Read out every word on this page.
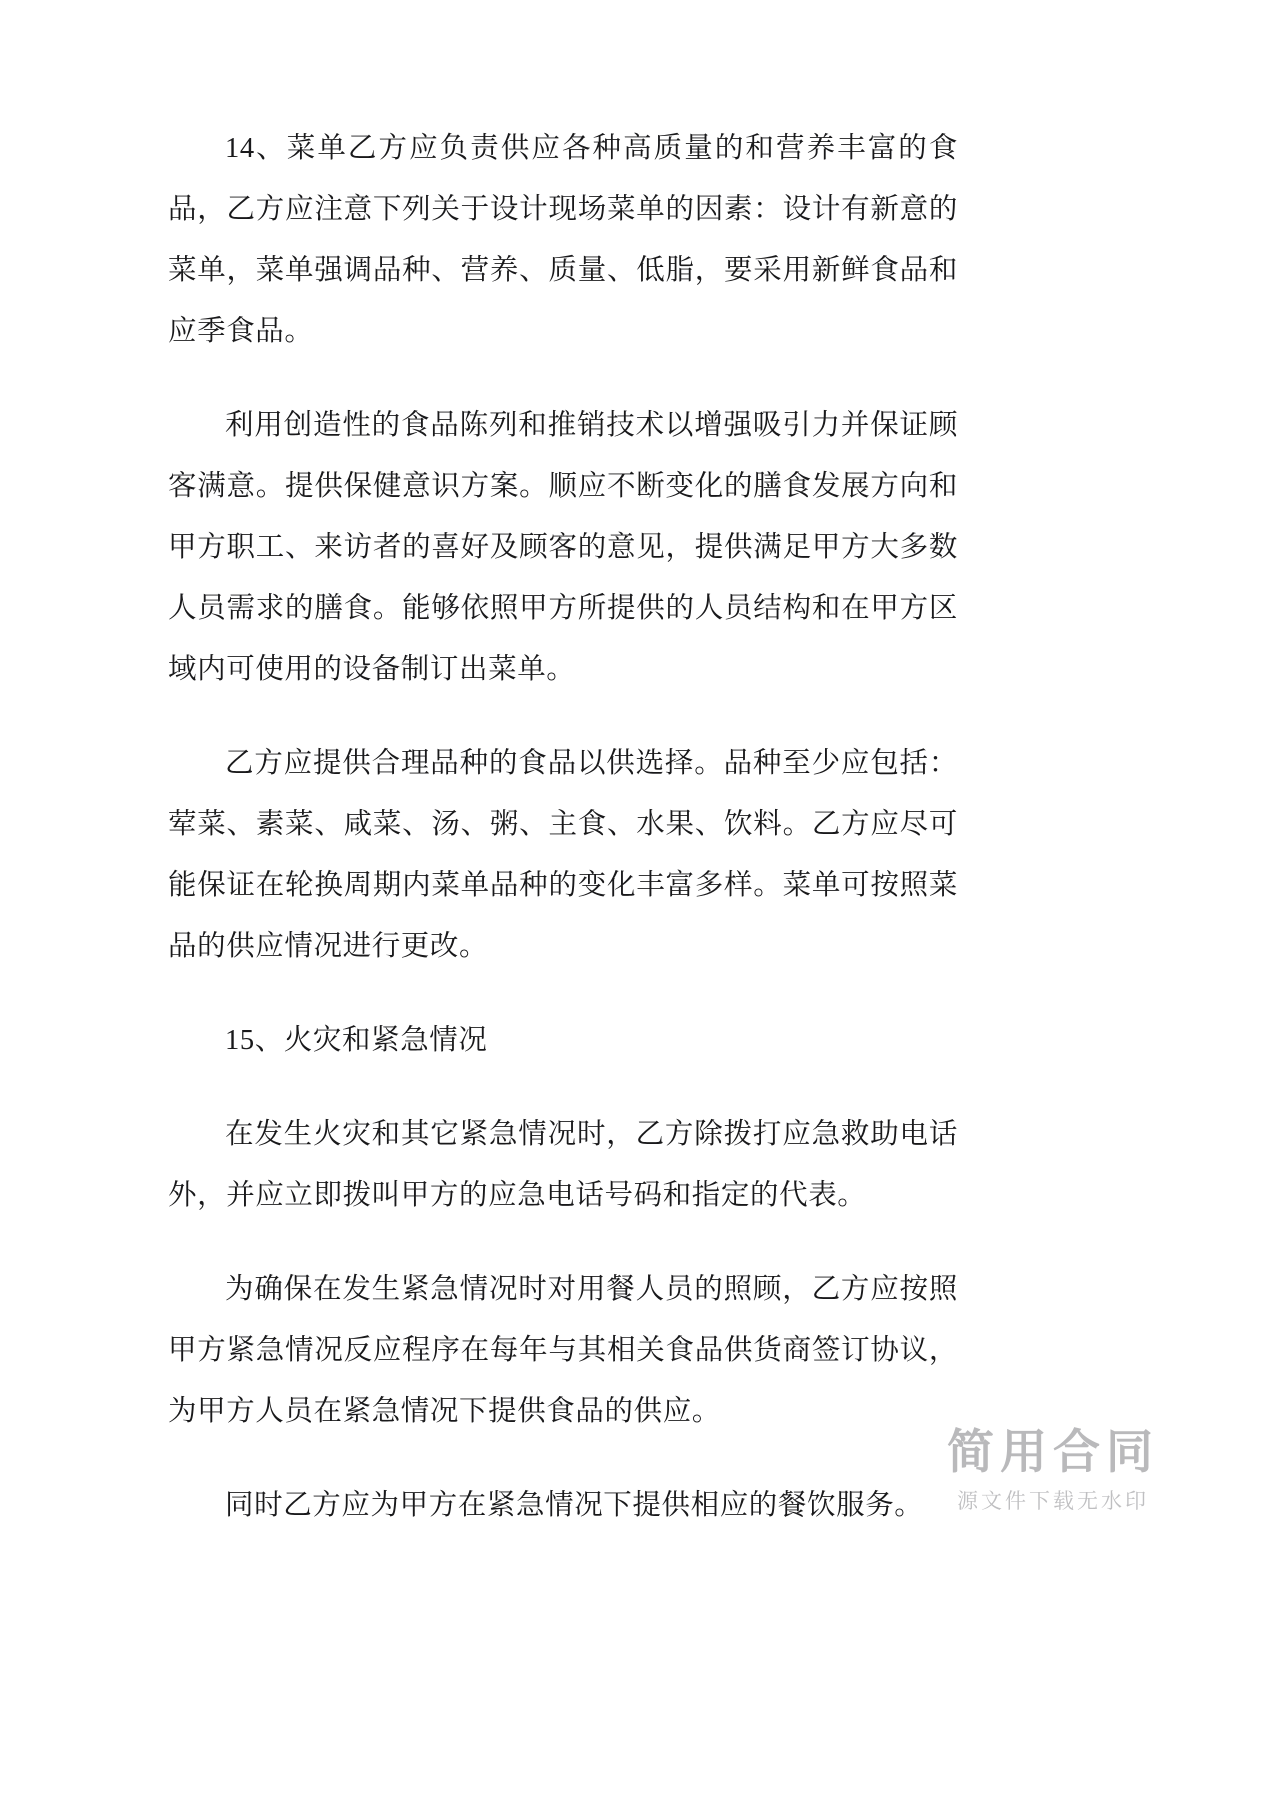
14、菜单乙方应负责供应各种高质量的和营养丰富的食品，乙方应注意下列关于设计现场菜单的因素：设计有新意的菜单，菜单强调品种、营养、质量、低脂，要采用新鲜食品和应季食品。

利用创造性的食品陈列和推销技术以增强吸引力并保证顾客满意。提供保健意识方案。顺应不断变化的膳食发展方向和甲方职工、来访者的喜好及顾客的意见，提供满足甲方大多数人员需求的膳食。能够依照甲方所提供的人员结构和在甲方区域内可使用的设备制订出菜单。

乙方应提供合理品种的食品以供选择。品种至少应包括：荤菜、素菜、咸菜、汤、粥、主食、水果、饮料。乙方应尽可能保证在轮换周期内菜单品种的变化丰富多样。菜单可按照菜品的供应情况进行更改。

15、火灾和紧急情况

在发生火灾和其它紧急情况时，乙方除拨打应急救助电话外，并应立即拨叫甲方的应急电话号码和指定的代表。

为确保在发生紧急情况时对用餐人员的照顾，乙方应按照甲方紧急情况反应程序在每年与其相关食品供货商签订协议，为甲方人员在紧急情况下提供食品的供应。

同时乙方应为甲方在紧急情况下提供相应的餐饮服务。

简用合同
源文件下载无水印
